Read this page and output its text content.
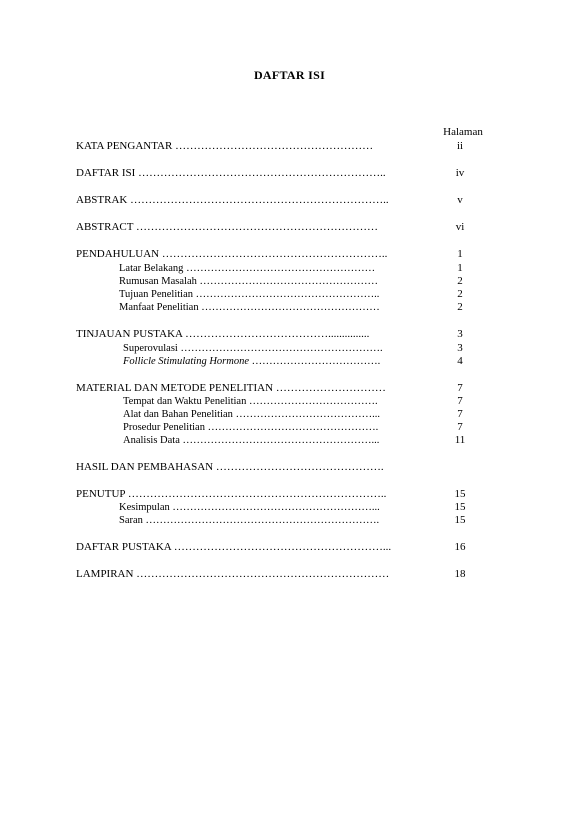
DAFTAR ISI
Halaman
KATA PENGANTAR ………………………………………………	ii
DAFTAR ISI …………………………………………………………..	iv
ABSTRAK ……………………………………………………………..	v
ABSTRACT …………………………………………………………	vi
PENDAHULUAN ……………………………………………………..	1
Latar Belakang ………………………………………………	1
Rumusan Masalah ……………………………………………	2
Tujuan Penelitian ……………………………………………..	2
Manfaat Penelitian ……………………………………………	2
TINJAUAN PUSTAKA …………………………………...............	3
Superovulasi ………………………………………………….	3
Follicle Stimulating Hormone ……………………………….	4
MATERIAL DAN METODE PENELITIAN …………………………	7
Tempat dan Waktu Penelitian ……………………………….	7
Alat dan Bahan Penelitian …………………………………...	7
Prosedur Penelitian ………………………………………….	7
Analisis Data ………………………………………………...	11
HASIL DAN PEMBAHASAN ……………………………………….
PENUTUP ……………………………………………………………..	15
Kesimpulan …………………………………………………...	15
Saran ………………………………………………………….	15
DAFTAR PUSTAKA …………………………………………………...	16
LAMPIRAN ……………………………………………………………	18
